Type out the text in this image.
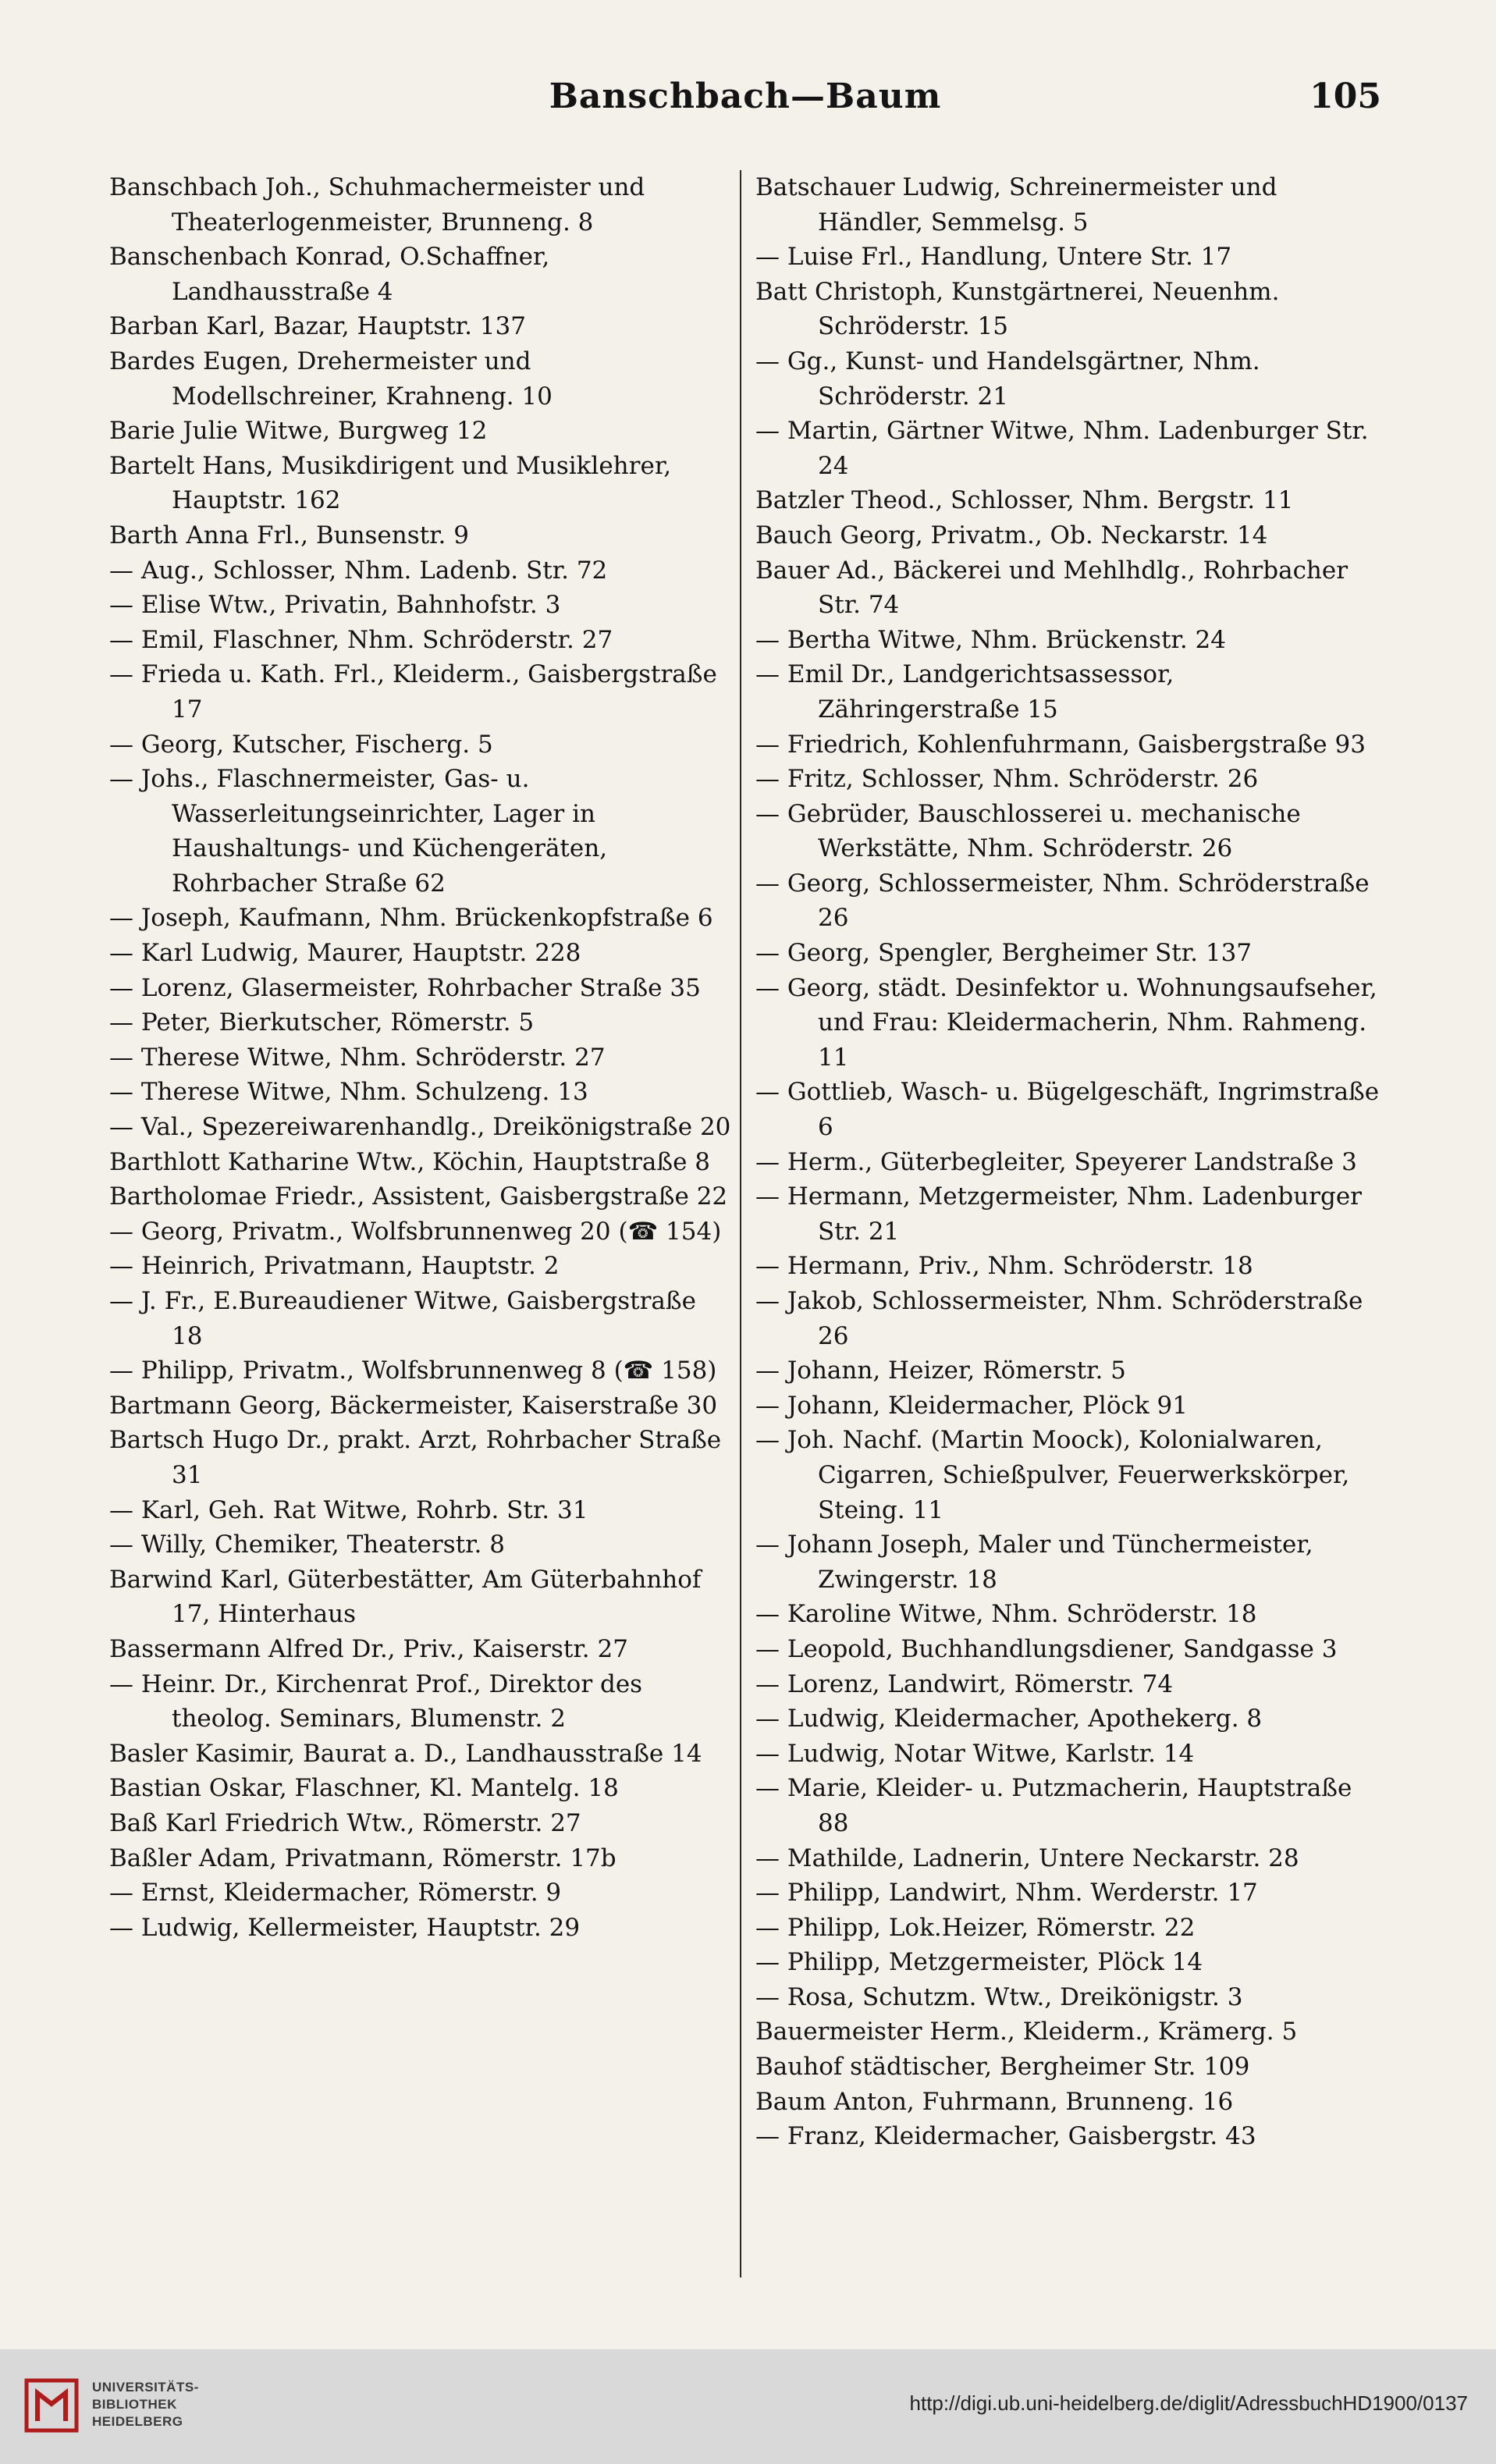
Banschbach—Baum	105
Banschbach Joh., Schuhmachermeister und Theaterlogenmeister, Brunneng. 8
Banschenbach Konrad, O.Schaffner, Landhausstraße 4
Barban Karl, Bazar, Hauptstr. 137
Bardes Eugen, Drehermeister und Modellschreiner, Krahneng. 10
Barie Julie Witwe, Burgweg 12
Bartelt Hans, Musikdirigent und Musiklehrer, Hauptstr. 162
Barth Anna Frl., Bunsenstr. 9
— Aug., Schlosser, Nhm. Ladenb. Str. 72
— Elise Wtw., Privatin, Bahnhofstr. 3
— Emil, Flaschner, Nhm. Schröderstr. 27
— Frieda u. Kath. Frl., Kleiderm., Gaisbergstraße 17
— Georg, Kutscher, Fischerg. 5
— Johs., Flaschnermeister, Gas- u. Wasserleitungseinrichter, Lager in Haushaltungs- und Küchengeräten, Rohrbacher Straße 62
— Joseph, Kaufmann, Nhm. Brückenkopfstraße 6
— Karl Ludwig, Maurer, Hauptstr. 228
— Lorenz, Glasermeister, Rohrbacher Straße 35
— Peter, Bierkutscher, Römerstr. 5
— Therese Witwe, Nhm. Schröderstr. 27
— Therese Witwe, Nhm. Schulzeng. 13
— Val., Spezereiwarenhandlg., Dreikönigstraße 20
Barthlott Katharine Wtw., Köchin, Hauptstraße 8
Bartholomae Friedr., Assistent, Gaisbergstraße 22
— Georg, Privatm., Wolfsbrunnenweg 20 (☎ 154)
— Heinrich, Privatmann, Hauptstr. 2
— J. Fr., E.Bureaudiener Witwe, Gaisbergstraße 18
— Philipp, Privatm., Wolfsbrunnenweg 8 (☎ 158)
Bartmann Georg, Bäckermeister, Kaiserstraße 30
Bartsch Hugo Dr., prakt. Arzt, Rohrbacher Straße 31
— Karl, Geh. Rat Witwe, Rohrb. Str. 31
— Willy, Chemiker, Theaterstr. 8
Barwind Karl, Güterbestätter, Am Güterbahnhof 17, Hinterhaus
Bassermann Alfred Dr., Priv., Kaiserstr. 27
— Heinr. Dr., Kirchenrat Prof., Direktor des theolog. Seminars, Blumenstr. 2
Basler Kasimir, Baurat a. D., Landhausstraße 14
Bastian Oskar, Flaschner, Kl. Mantelg. 18
Baß Karl Friedrich Wtw., Römerstr. 27
Baßler Adam, Privatmann, Römerstr. 17b
— Ernst, Kleidermacher, Römerstr. 9
— Ludwig, Kellermeister, Hauptstr. 29
Batschauer Ludwig, Schreinermeister und Händler, Semmelsg. 5
— Luise Frl., Handlung, Untere Str. 17
Batt Christoph, Kunstgärtnerei, Neuenhm. Schröderstr. 15
— Gg., Kunst- und Handelsgärtner, Nhm. Schröderstr. 21
— Martin, Gärtner Witwe, Nhm. Ladenburger Str. 24
Batzler Theod., Schlosser, Nhm. Bergstr. 11
Bauch Georg, Privatm., Ob. Neckarstr. 14
Bauer Ad., Bäckerei und Mehlhdlg., Rohrbacher Str. 74
— Bertha Witwe, Nhm. Brückenstr. 24
— Emil Dr., Landgerichtsassessor, Zähringerstraße 15
— Friedrich, Kohlenfuhrmann, Gaisbergstraße 93
— Fritz, Schlosser, Nhm. Schröderstr. 26
— Gebrüder, Bauschlosserei u. mechanische Werkstätte, Nhm. Schröderstr. 26
— Georg, Schlossermeister, Nhm. Schröderstraße 26
— Georg, Spengler, Bergheimer Str. 137
— Georg, städt. Desinfektor u. Wohnungsaufseher, und Frau: Kleidermacherin, Nhm. Rahmeng. 11
— Gottlieb, Wasch- u. Bügelgeschäft, Ingrimstraße 6
— Herm., Güterbegleiter, Speyerer Landstraße 3
— Hermann, Metzgermeister, Nhm. Ladenburger Str. 21
— Hermann, Priv., Nhm. Schröderstr. 18
— Jakob, Schlossermeister, Nhm. Schröderstraße 26
— Johann, Heizer, Römerstr. 5
— Johann, Kleidermacher, Plöck 91
— Joh. Nachf. (Martin Moock), Kolonialwaren, Cigarren, Schießpulver, Feuerwerkskörper, Steing. 11
— Johann Joseph, Maler und Tünchermeister, Zwingerstr. 18
— Karoline Witwe, Nhm. Schröderstr. 18
— Leopold, Buchhandlungsdiener, Sandgasse 3
— Lorenz, Landwirt, Römerstr. 74
— Ludwig, Kleidermacher, Apothekerg. 8
— Ludwig, Notar Witwe, Karlstr. 14
— Marie, Kleider- u. Putzmacherin, Hauptstraße 88
— Mathilde, Ladnerin, Untere Neckarstr. 28
— Philipp, Landwirt, Nhm. Werderstr. 17
— Philipp, Lok.Heizer, Römerstr. 22
— Philipp, Metzgermeister, Plöck 14
— Rosa, Schutzm. Wtw., Dreikönigstr. 3
Bauermeister Herm., Kleiderm., Krämerg. 5
Bauhof städtischer, Bergheimer Str. 109
Baum Anton, Fuhrmann, Brunneng. 16
— Franz, Kleidermacher, Gaisbergstr. 43
UNIVERSITÄTS-
BIBLIOTHEK
HEIDELBERG
http://digi.ub.uni-heidelberg.de/diglit/AdressbuchHD1900/0137
